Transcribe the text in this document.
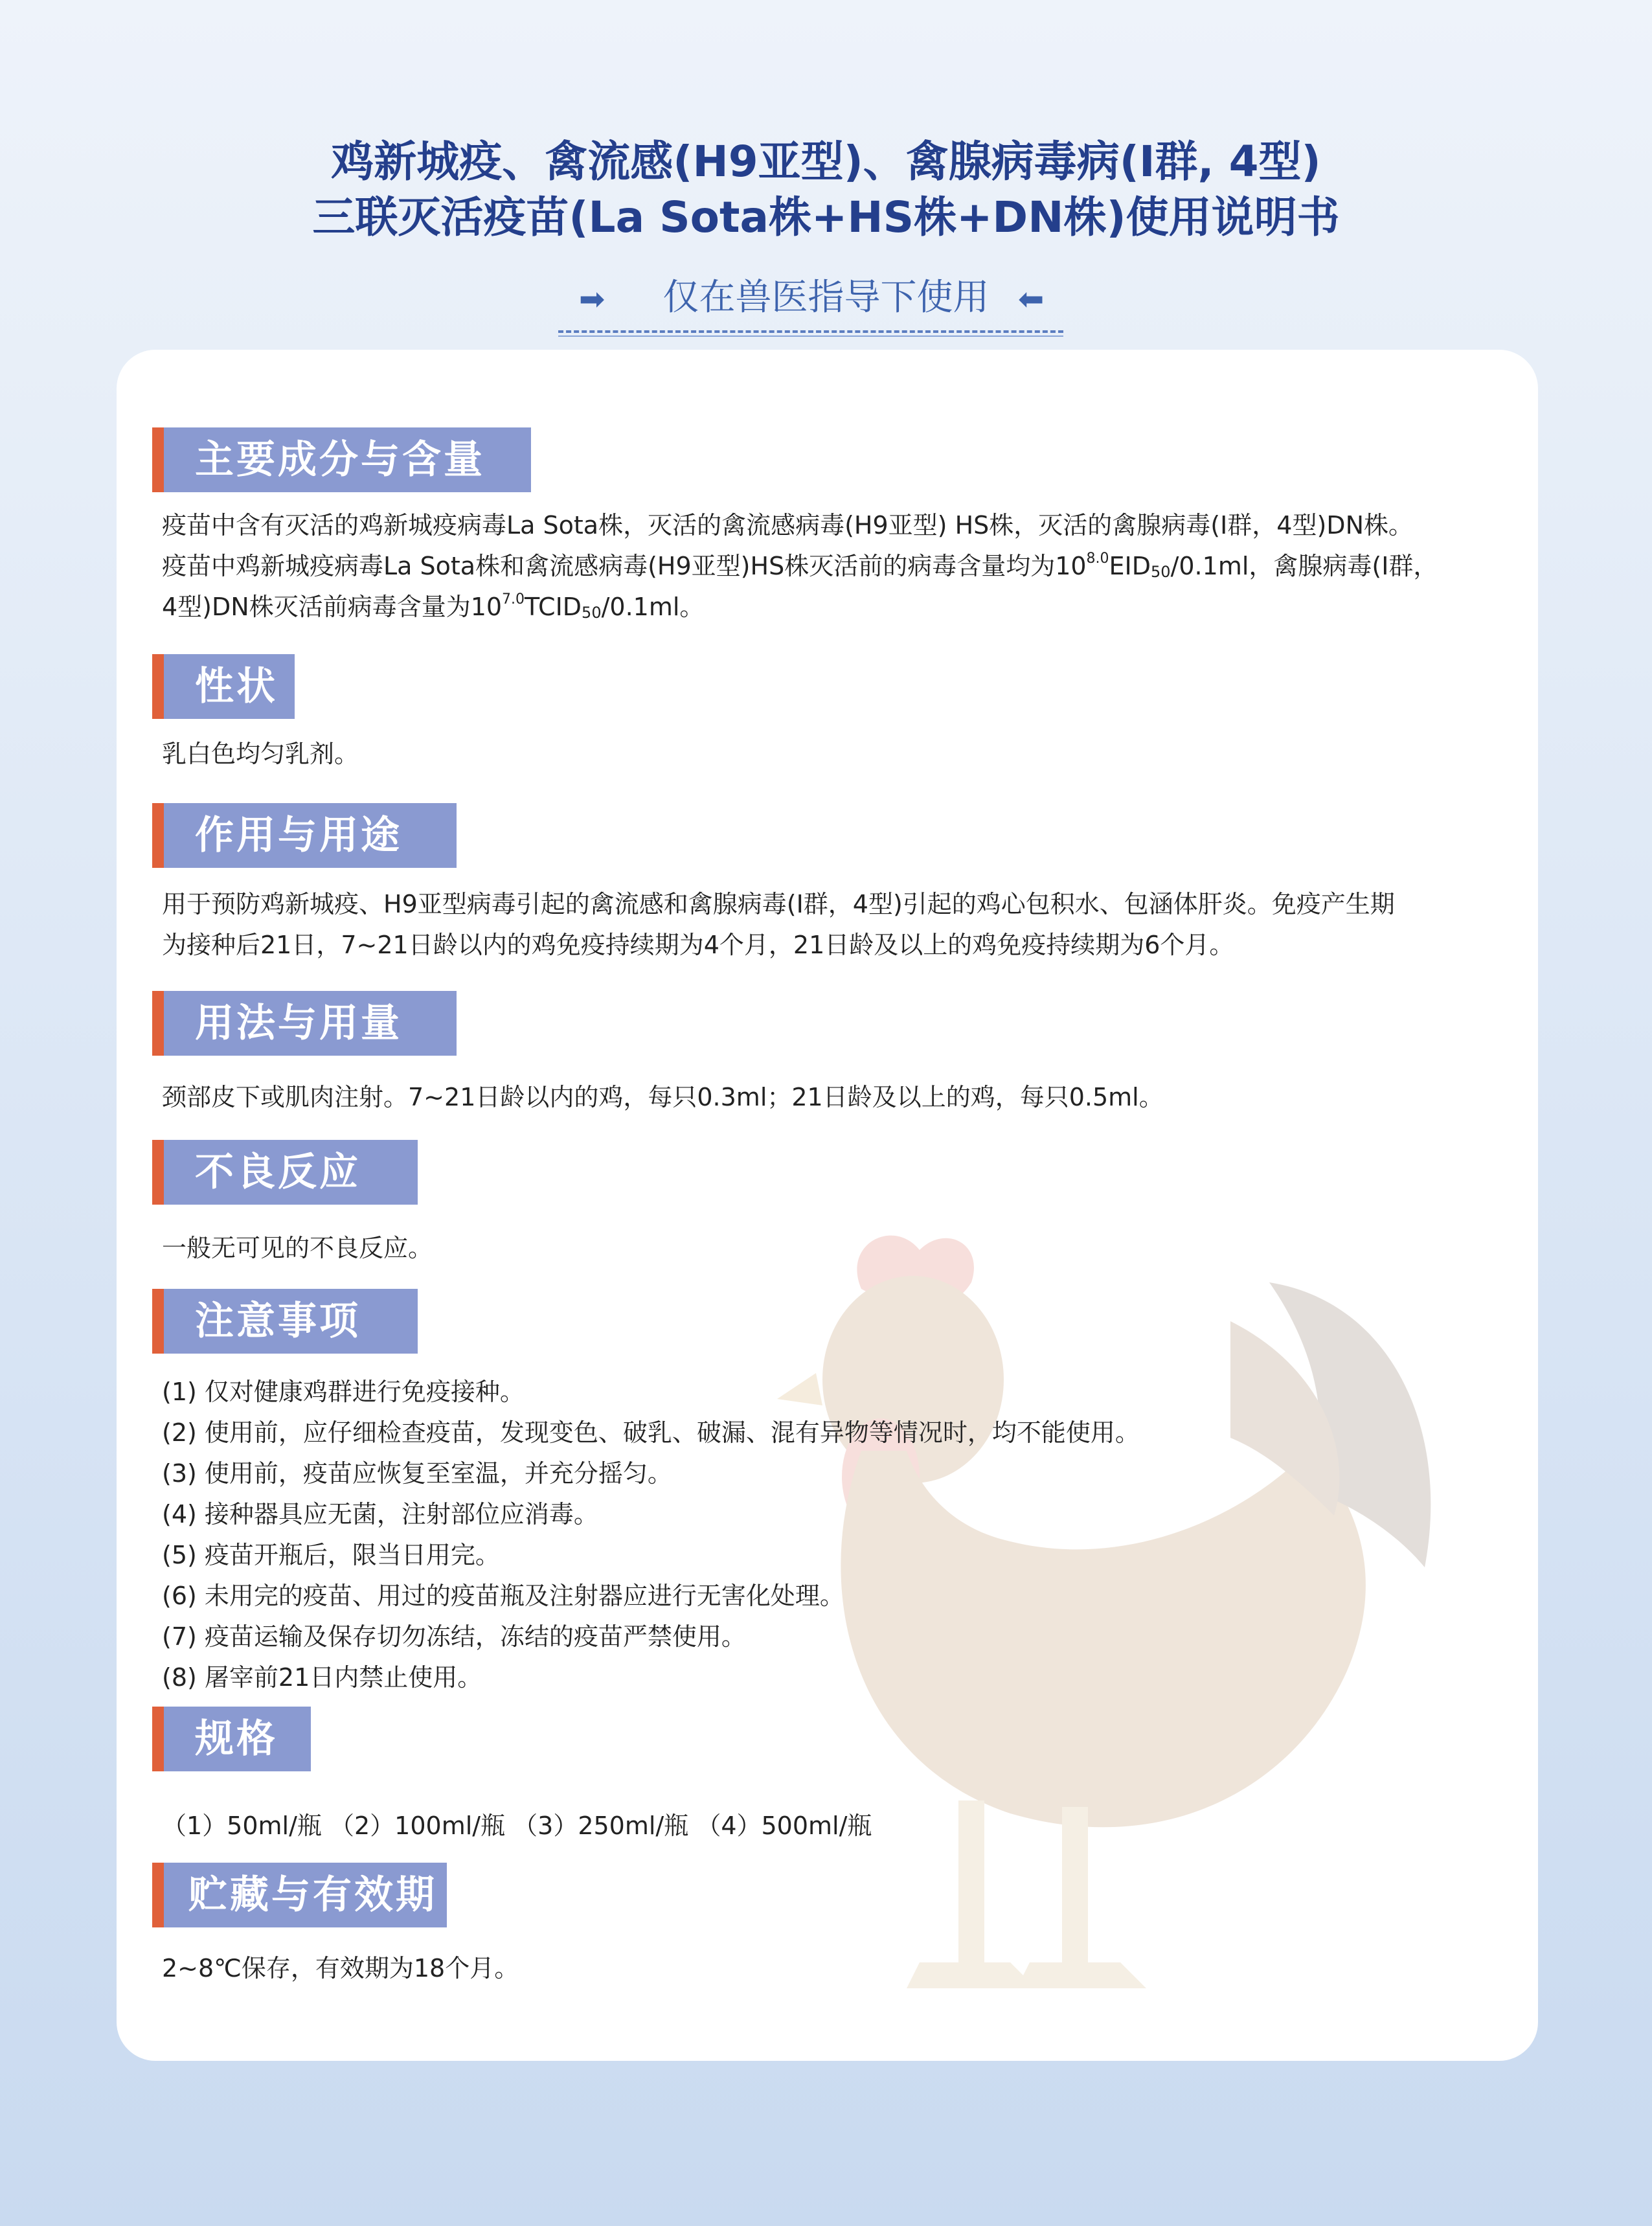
鸡新城疫、禽流感(H9亚型)、禽腺病毒病(I群, 4型)
三联灭活疫苗(La Sota株+HS株+DN株)使用说明书
➡	仅在兽医指导下使用 ⬅
主要成分与含量
疫苗中含有灭活的鸡新城疫病毒La Sota株，灭活的禽流感病毒(H9亚型) HS株，灭活的禽腺病毒(I群，4型)DN株。
疫苗中鸡新城疫病毒La Sota株和禽流感病毒(H9亚型)HS株灭活前的病毒含量均为$10^{8.0}EID_{50}/0.1ml$，禽腺病毒(I群，
4型)DN株灭活前病毒含量为$10^{7.0}TCID_{50}/0.1ml$。
性状
乳白色均匀乳剂。
作用与用途
用于预防鸡新城疫、H9亚型病毒引起的禽流感和禽腺病毒(I群，4型)引起的鸡心包积水、包涵体肝炎。免疫产生期
为接种后21日，7~21日龄以内的鸡免疫持续期为4个月，21日龄及以上的鸡免疫持续期为6个月。
用法与用量
颈部皮下或肌肉注射。7~21日龄以内的鸡，每只0.3ml；21日龄及以上的鸡，每只0.5ml。
不良反应
一般无可见的不良反应。
注意事项
(1) 仅对健康鸡群进行免疫接种。
(2) 使用前，应仔细检查疫苗，发现变色、破乳、破漏、混有异物等情况时，均不能使用。
(3) 使用前，疫苗应恢复至室温，并充分摇匀。
(4) 接种器具应无菌，注射部位应消毒。
(5) 疫苗开瓶后，限当日用完。
(6) 未用完的疫苗、用过的疫苗瓶及注射器应进行无害化处理。
(7) 疫苗运输及保存切勿冻结，冻结的疫苗严禁使用。
(8) 屠宰前21日内禁止使用。
规格
（1）50ml/瓶 （2）100ml/瓶 （3）250ml/瓶 （4）500ml/瓶
贮藏与有效期
2~8℃保存，有效期为18个月。
